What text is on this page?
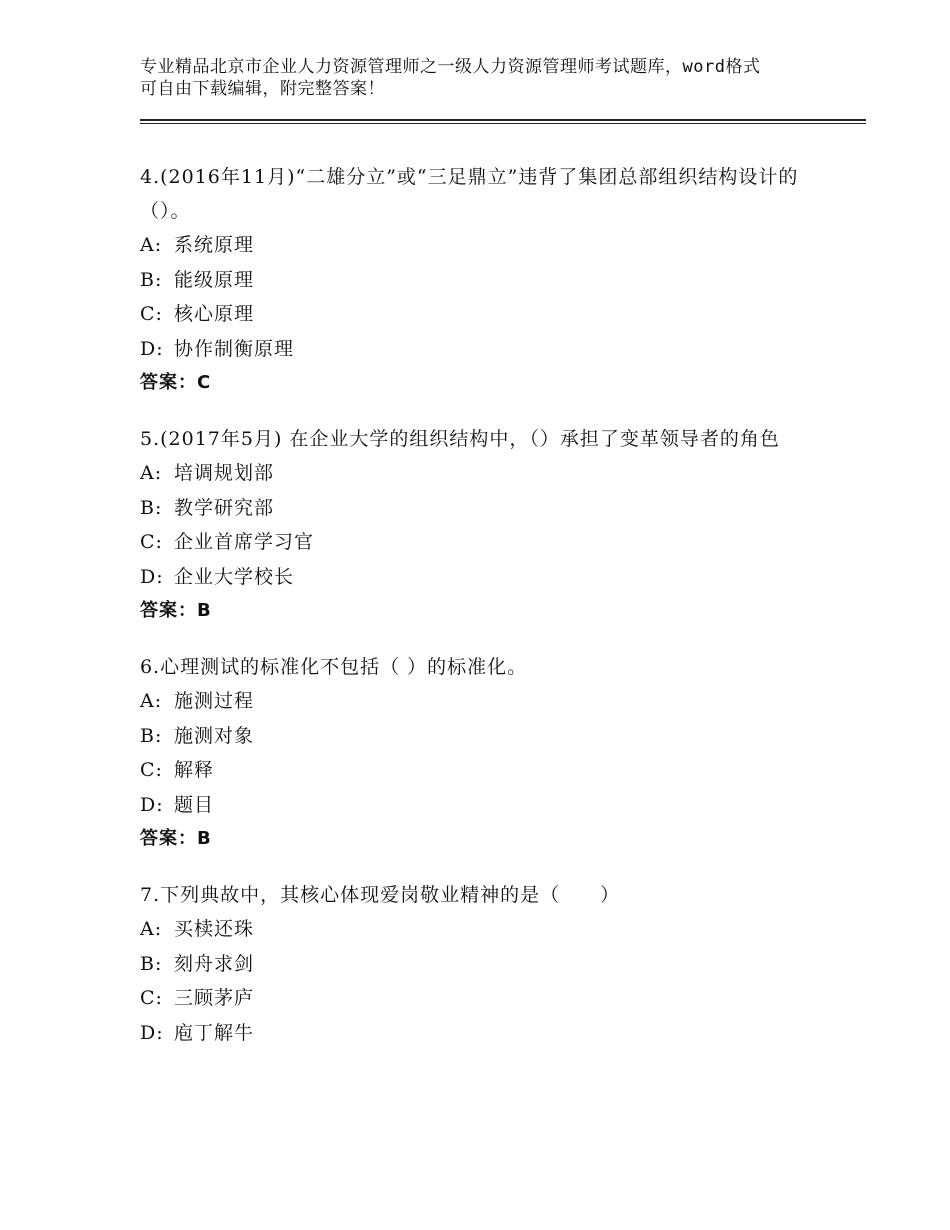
专业精品北京市企业人力资源管理师之一级人力资源管理师考试题库，word格式
可自由下载编辑，附完整答案！

4.(2016年11月)“二雄分立”或“三足鼎立”违背了集团总部组织结构设计的（）。

A: 系统原理

B: 能级原理

C: 核心原理

D: 协作制衡原理

答案：C

5.(2017年5月) 在企业大学的组织结构中，（）承担了变革领导者的角色

A: 培调规划部

B: 教学研究部

C: 企业首席学习官

D: 企业大学校长

答案：B

6.心理测试的标准化不包括（ ）的标准化。

A: 施测过程

B: 施测对象

C: 解释

D: 题目

答案：B

7.下列典故中，其核心体现爱岗敬业精神的是（　　）

A: 买椟还珠

B: 刻舟求剑

C: 三顾茅庐

D: 庖丁解牛
